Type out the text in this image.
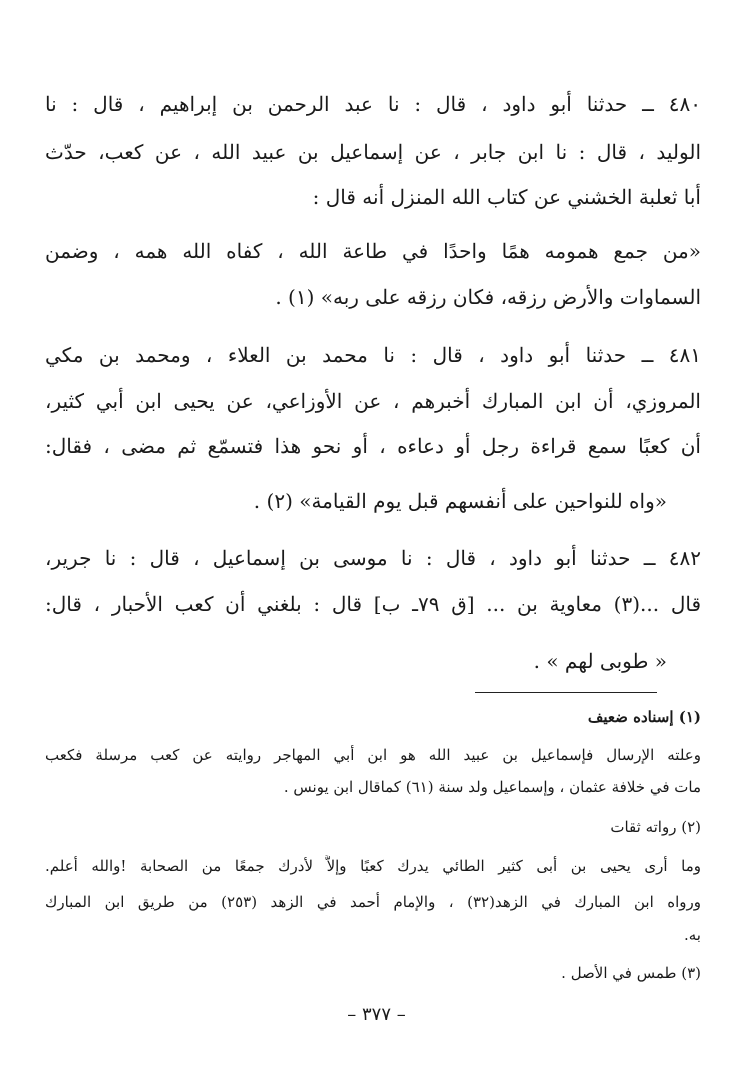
٤٨٠ ــ حدثنا أبو داود ، قال : نا عبد الرحمن بن إبراهيم ، قال : نا
الوليد ، قال : نا ابن جابر ، عن إسماعيل بن عبيد الله ، عن كعب، حدّث
أبا ثعلبة الخشني عن كتاب الله المنزل أنه قال :
«من جمع همومه همًا واحدًا في طاعة الله ، كفاه الله همه ، وضمن
السماوات والأرض رزقه، فكان رزقه على ربه» (١) .
٤٨١ ــ حدثنا أبو داود ، قال : نا محمد بن العلاء ، ومحمد بن مكي
المروزي، أن ابن المبارك أخبرهم ، عن الأوزاعي، عن يحيى ابن أبي كثير،
أن كعبًا سمع قراءة رجل أو دعاءه ، أو نحو هذا فتسمّع ثم مضى ، فقال:
«واه للنواحين على أنفسهم قبل يوم القيامة» (٢) .
٤٨٢ ــ حدثنا أبو داود ، قال : نا موسى بن إسماعيل ، قال : نا جرير،
قال ...(٣) معاوية بن ... [ق ٧٩ـ ب] قال : بلغني أن كعب الأحبار ، قال:
« طوبى لهم » .
(١) إسناده ضعيف
وعلته الإرسال فإسماعيل بن عبيد الله هو ابن أبي المهاجر روايته عن كعب مرسلة فكعب
مات في خلافة عثمان ، وإسماعيل ولد سنة (٦١) كماقال ابن يونس .
(٢) رواته ثقات
وما أرى يحيى بن أبى كثير الطائي يدرك كعبًا وإلاَّ لأدرك جمعًا من الصحابة !والله أعلم.
ورواه ابن المبارك في الزهد(٣٢) ، والإمام أحمد في الزهد (٢٥٣) من طريق ابن المبارك
به.
(٣) طمس في الأصل .
– ٣٧٧ –
